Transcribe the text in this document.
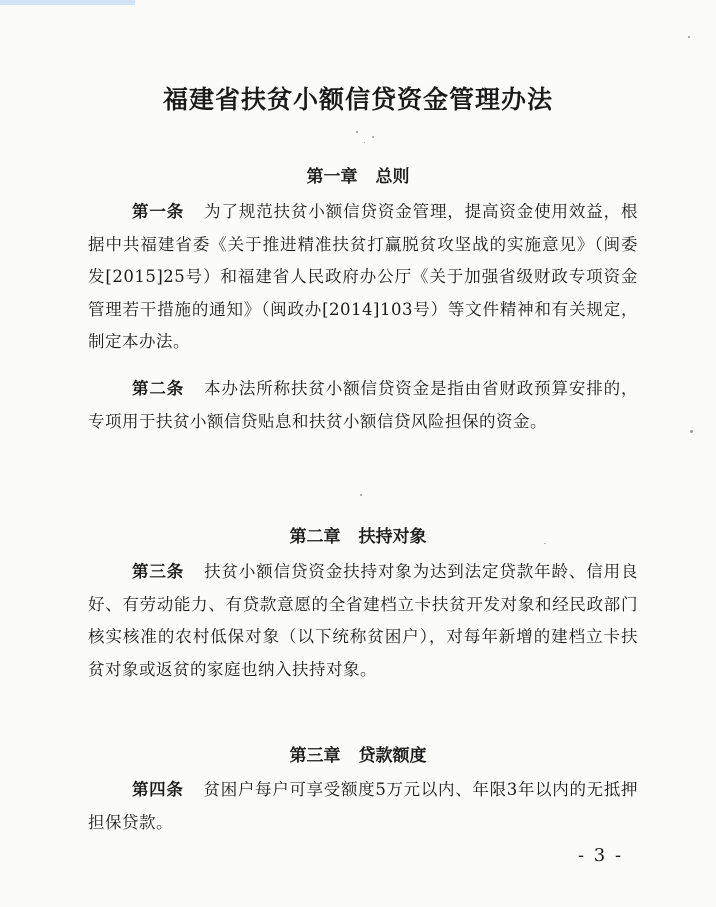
福建省扶贫小额信贷资金管理办法
第一章 总则
第一条 为了规范扶贫小额信贷资金管理，提高资金使用效益，根据中共福建省委《关于推进精准扶贫打赢脱贫攻坚战的实施意见》（闽委发[2015]25号）和福建省人民政府办公厅《关于加强省级财政专项资金管理若干措施的通知》（闽政办[2014]103号）等文件精神和有关规定，制定本办法。
第二条 本办法所称扶贫小额信贷资金是指由省财政预算安排的，专项用于扶贫小额信贷贴息和扶贫小额信贷风险担保的资金。
第二章 扶持对象
第三条 扶贫小额信贷资金扶持对象为达到法定贷款年龄、信用良好、有劳动能力、有贷款意愿的全省建档立卡扶贫开发对象和经民政部门核实核准的农村低保对象（以下统称贫困户），对每年新增的建档立卡扶贫对象或返贫的家庭也纳入扶持对象。
第三章 贷款额度
第四条 贫困户每户可享受额度5万元以内、年限3年以内的无抵押担保贷款。
- 3 -
